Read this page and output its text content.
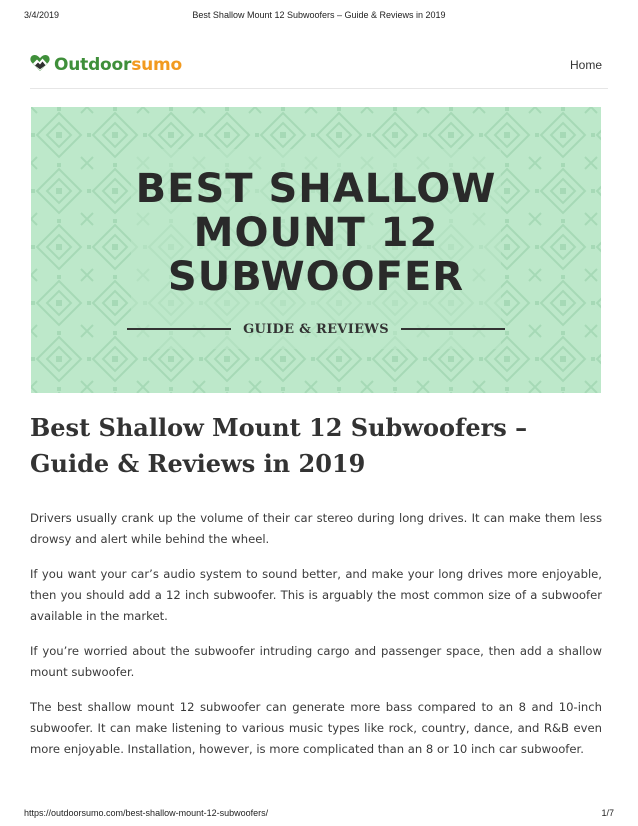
3/4/2019	Best Shallow Mount 12 Subwoofers – Guide & Reviews in 2019
Outdoorsumo	Home
BEST SHALLOW
MOUNT 12
SUBWOOFER
GUIDE & REVIEWS
Best Shallow Mount 12 Subwoofers – Guide & Reviews in 2019

Drivers usually crank up the volume of their car stereo during long drives. It can make them less drowsy and alert while behind the wheel.

If you want your car’s audio system to sound better, and make your long drives more enjoyable, then you should add a 12 inch subwoofer. This is arguably the most common size of a subwoofer available in the market.

If you’re worried about the subwoofer intruding cargo and passenger space, then add a shallow mount subwoofer.

The best shallow mount 12 subwoofer can generate more bass compared to an 8 and 10-inch subwoofer. It can make listening to various music types like rock, country, dance, and R&B even more enjoyable. Installation, however, is more complicated than an 8 or 10 inch car subwoofer.

https://outdoorsumo.com/best-shallow-mount-12-subwoofers/	1/7
